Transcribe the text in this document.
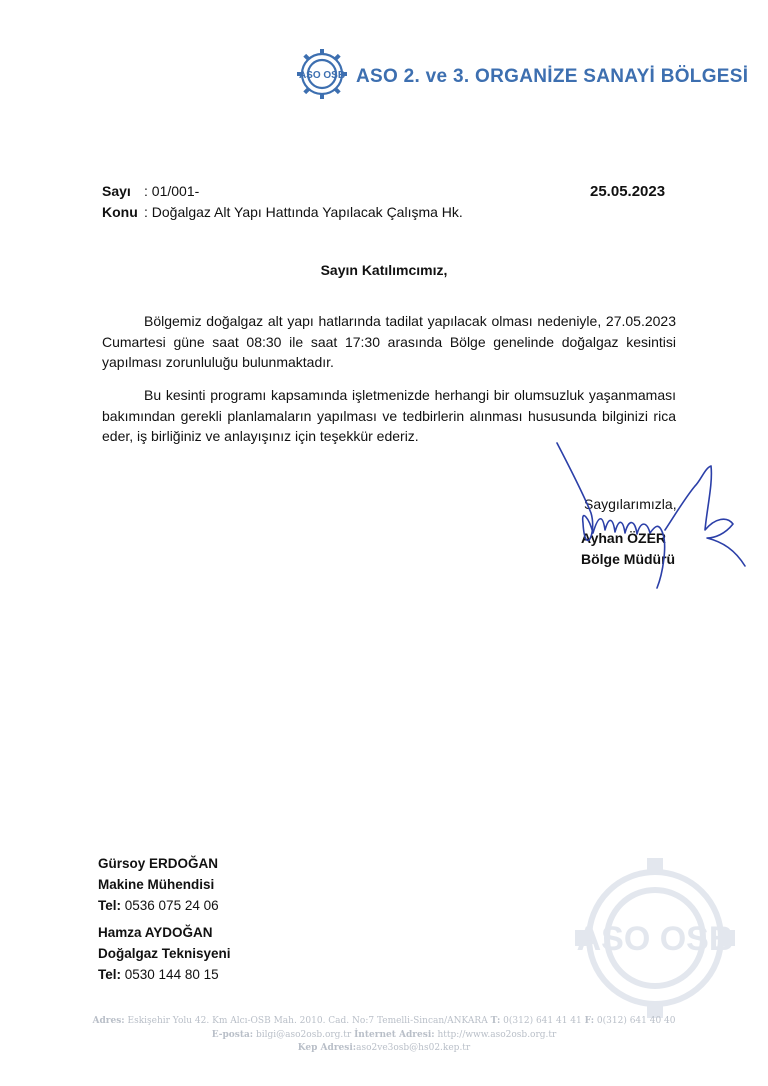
ASO OSB ASO 2. ve 3. ORGANİZE SANAYİ BÖLGESİ
Sayı : 01/001-
Konu : Doğalgaz Alt Yapı Hattında Yapılacak Çalışma Hk.
25.05.2023
Sayın Katılımcımız,
Bölgemiz doğalgaz alt yapı hatlarında tadilat yapılacak olması nedeniyle, 27.05.2023 Cumartesi güne saat 08:30 ile saat 17:30 arasında Bölge genelinde doğalgaz kesintisi yapılması zorunluluğu bulunmaktadır.
Bu kesinti programı kapsamında işletmenizde herhangi bir olumsuzluk yaşanmaması bakımından gerekli planlamaların yapılması ve tedbirlerin alınması hususunda bilginizi rica eder, iş birliğiniz ve anlayışınız için teşekkür ederiz.
Saygılarımızla,
Ayhan ÖZER
Bölge Müdürü
Gürsoy ERDOĞAN
Makine Mühendisi
Tel: 0536 075 24 06
Hamza AYDOĞAN
Doğalgaz Teknisyeni
Tel: 0530 144 80 15
ASO OSB
Adres: Eskişehir Yolu 42. Km Alcı-OSB Mah. 2010. Cad. No:7 Temelli-Sincan/ANKARA T: 0(312) 641 41 41 F: 0(312) 641 40 40
E-posta: bilgi@aso2osb.org.tr İnternet Adresi: http://www.aso2osb.org.tr
Kep Adresi:aso2ve3osb@hs02.kep.tr
